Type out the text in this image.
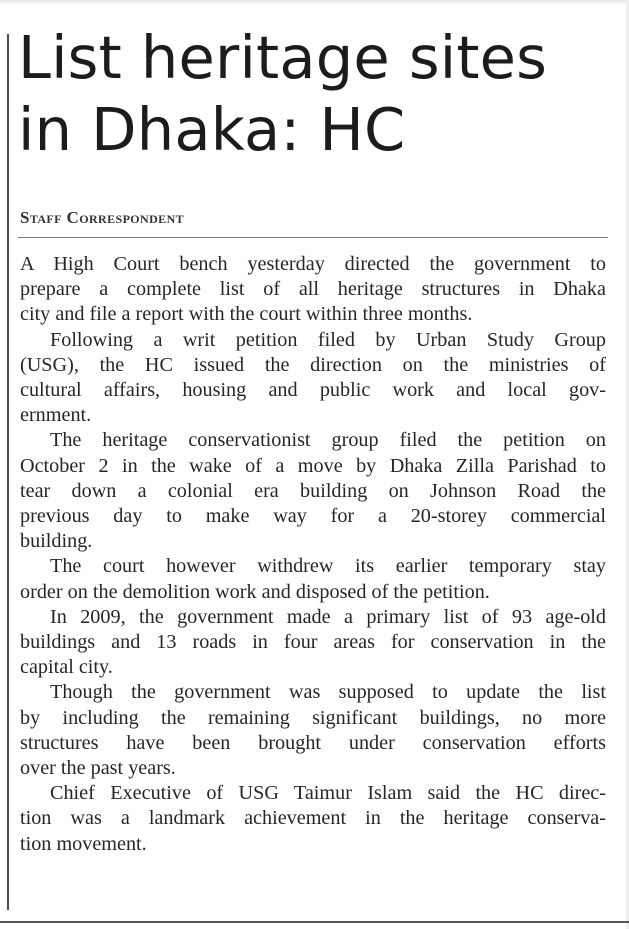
List heritage sites
in Dhaka: HC
Staff Correspondent
A High Court bench yesterday directed the government to
prepare a complete list of all heritage structures in Dhaka
city and file a report with the court within three months.
Following a writ petition filed by Urban Study Group
(USG), the HC issued the direction on the ministries of
cultural affairs, housing and public work and local gov-
ernment.
The heritage conservationist group filed the petition on
October 2 in the wake of a move by Dhaka Zilla Parishad to
tear down a colonial era building on Johnson Road the
previous day to make way for a 20-storey commercial
building.
The court however withdrew its earlier temporary stay
order on the demolition work and disposed of the petition.
In 2009, the government made a primary list of 93 age-old
buildings and 13 roads in four areas for conservation in the
capital city.
Though the government was supposed to update the list
by including the remaining significant buildings, no more
structures have been brought under conservation efforts
over the past years.
Chief Executive of USG Taimur Islam said the HC direc-
tion was a landmark achievement in the heritage conserva-
tion movement.
